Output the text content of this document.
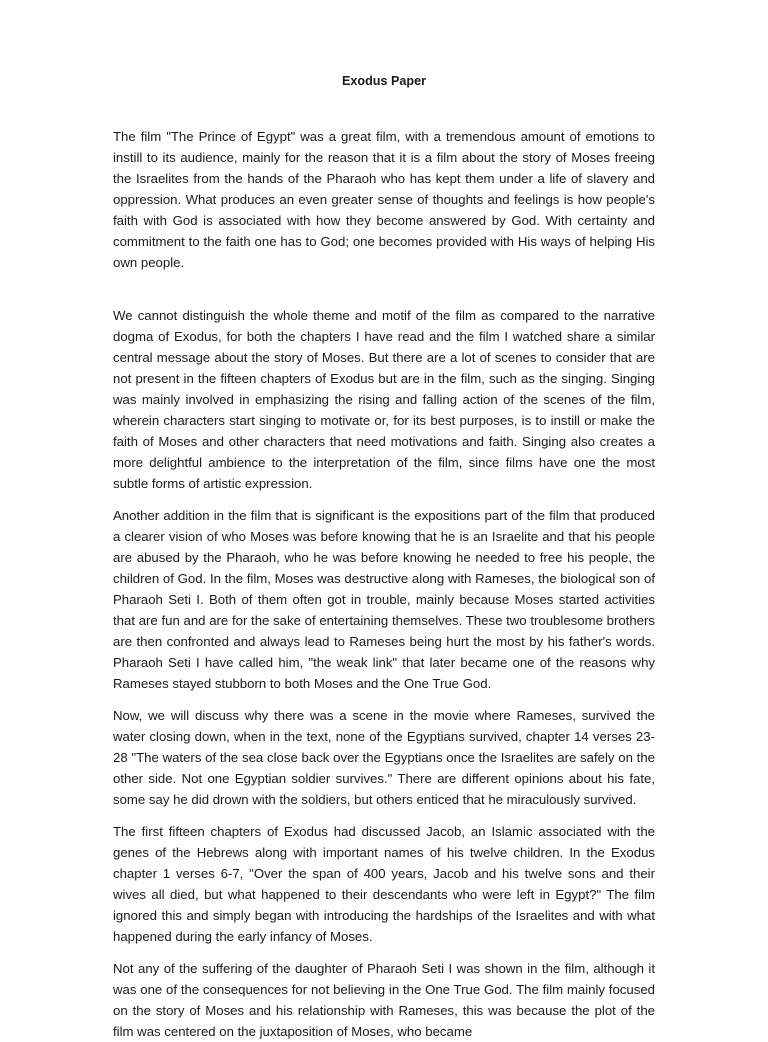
Exodus Paper

The film "The Prince of Egypt" was a great film, with a tremendous amount of emotions to instill to its audience, mainly for the reason that it is a film about the story of Moses freeing the Israelites from the hands of the Pharaoh who has kept them under a life of slavery and oppression. What produces an even greater sense of thoughts and feelings is how people's faith with God is associated with how they become answered by God. With certainty and commitment to the faith one has to God; one becomes provided with His ways of helping His own people.

We cannot distinguish the whole theme and motif of the film as compared to the narrative dogma of Exodus, for both the chapters I have read and the film I watched share a similar central message about the story of Moses. But there are a lot of scenes to consider that are not present in the fifteen chapters of Exodus but are in the film, such as the singing. Singing was mainly involved in emphasizing the rising and falling action of the scenes of the film, wherein characters start singing to motivate or, for its best purposes, is to instill or make the faith of Moses and other characters that need motivations and faith. Singing also creates a more delightful ambience to the interpretation of the film, since films have one the most subtle forms of artistic expression.

Another addition in the film that is significant is the expositions part of the film that produced a clearer vision of who Moses was before knowing that he is an Israelite and that his people are abused by the Pharaoh, who he was before knowing he needed to free his people, the children of God. In the film, Moses was destructive along with Rameses, the biological son of Pharaoh Seti I. Both of them often got in trouble, mainly because Moses started activities that are fun and are for the sake of entertaining themselves. These two troublesome brothers are then confronted and always lead to Rameses being hurt the most by his father's words. Pharaoh Seti I have called him, "the weak link" that later became one of the reasons why Rameses stayed stubborn to both Moses and the One True God.

Now, we will discuss why there was a scene in the movie where Rameses, survived the water closing down, when in the text, none of the Egyptians survived, chapter 14 verses 23-28 "The waters of the sea close back over the Egyptians once the Israelites are safely on the other side. Not one Egyptian soldier survives." There are different opinions about his fate, some say he did drown with the soldiers, but others enticed that he miraculously survived.

The first fifteen chapters of Exodus had discussed Jacob, an Islamic associated with the genes of the Hebrews along with important names of his twelve children. In the Exodus chapter 1 verses 6-7, "Over the span of 400 years, Jacob and his twelve sons and their wives all died, but what happened to their descendants who were left in Egypt?" The film ignored this and simply began with introducing the hardships of the Israelites and with what happened during the early infancy of Moses.

Not any of the suffering of the daughter of Pharaoh Seti I was shown in the film, although it was one of the consequences for not believing in the One True God. The film mainly focused on the story of Moses and his relationship with Rameses, this was because the plot of the film was centered on the juxtaposition of Moses, who became
